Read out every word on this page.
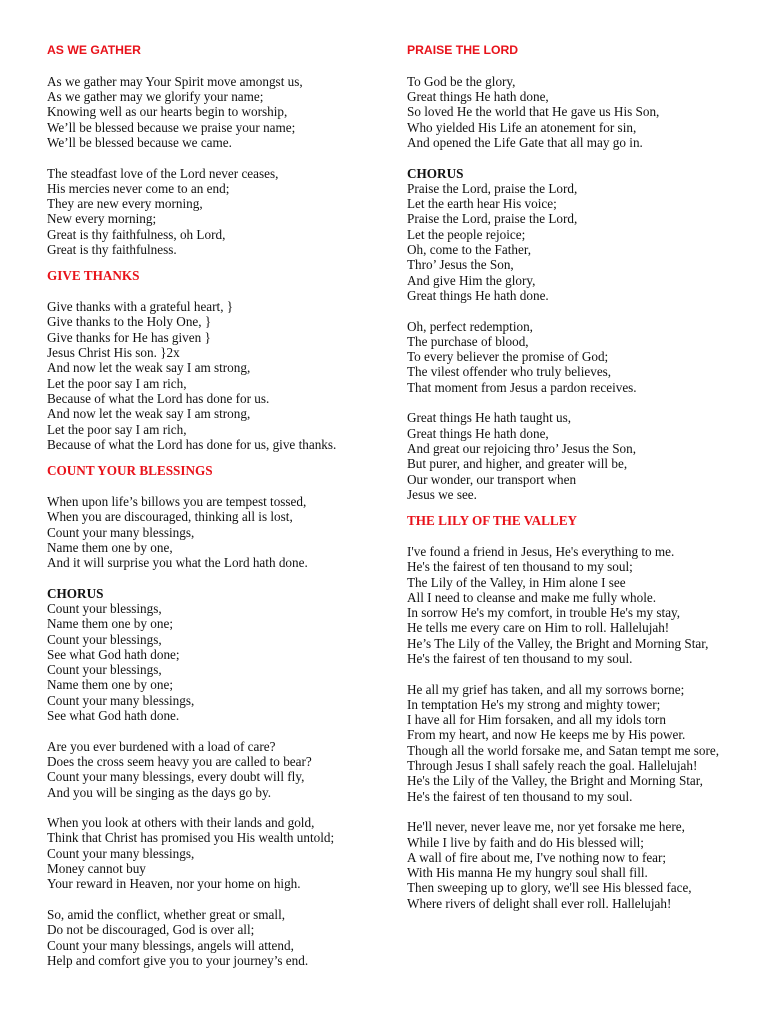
AS WE GATHER
As we gather may Your Spirit move amongst us,
As we gather may we glorify your name;
Knowing well as our hearts begin to worship,
We’ll be blessed because we praise your name;
We’ll be blessed because we came.
The steadfast love of the Lord never ceases,
His mercies never come to an end;
They are new every morning,
New every morning;
Great is thy faithfulness, oh Lord,
Great is thy faithfulness.
GIVE THANKS
Give thanks with a grateful heart, }
Give thanks to the Holy One, }
Give thanks for He has given }
Jesus Christ His son. }2x
And now let the weak say I am strong,
Let the poor say I am rich,
Because of what the Lord has done for us.
And now let the weak say I am strong,
Let the poor say I am rich,
Because of what the Lord has done for us, give thanks.
COUNT YOUR BLESSINGS
When upon life’s billows you are tempest tossed,
When you are discouraged, thinking all is lost,
Count your many blessings,
Name them one by one,
And it will surprise you what the Lord hath done.
CHORUS
Count your blessings,
Name them one by one;
Count your blessings,
See what God hath done;
Count your blessings,
Name them one by one;
Count your many blessings,
See what God hath done.
Are you ever burdened with a load of care?
Does the cross seem heavy you are called to bear?
Count your many blessings, every doubt will fly,
And you will be singing as the days go by.
When you look at others with their lands and gold,
Think that Christ has promised you His wealth untold;
Count your many blessings,
Money cannot buy
Your reward in Heaven, nor your home on high.
So, amid the conflict, whether great or small,
Do not be discouraged, God is over all;
Count your many blessings, angels will attend,
Help and comfort give you to your journey’s end.
PRAISE THE LORD
To God be the glory,
Great things He hath done,
So loved He the world that He gave us His Son,
Who yielded His Life an atonement for sin,
And opened the Life Gate that all may go in.
CHORUS
Praise the Lord, praise the Lord,
Let the earth hear His voice;
Praise the Lord, praise the Lord,
Let the people rejoice;
Oh, come to the Father,
Thro’ Jesus the Son,
And give Him the glory,
Great things He hath done.
Oh, perfect redemption,
The purchase of blood,
To every believer the promise of God;
The vilest offender who truly believes,
That moment from Jesus a pardon receives.
Great things He hath taught us,
Great things He hath done,
And great our rejoicing thro’ Jesus the Son,
But purer, and higher, and greater will be,
Our wonder, our transport when
Jesus we see.
THE LILY OF THE VALLEY
I've found a friend in Jesus, He's everything to me.
He's the fairest of ten thousand to my soul;
The Lily of the Valley, in Him alone I see
All I need to cleanse and make me fully whole.
In sorrow He's my comfort, in trouble He's my stay,
He tells me every care on Him to roll. Hallelujah!
He’s The Lily of the Valley, the Bright and Morning Star,
He's the fairest of ten thousand to my soul.
He all my grief has taken, and all my sorrows borne;
In temptation He's my strong and mighty tower;
I have all for Him forsaken, and all my idols torn
From my heart, and now He keeps me by His power.
Though all the world forsake me, and Satan tempt me sore,
Through Jesus I shall safely reach the goal. Hallelujah!
He's the Lily of the Valley, the Bright and Morning Star,
He's the fairest of ten thousand to my soul.
He'll never, never leave me, nor yet forsake me here,
While I live by faith and do His blessed will;
A wall of fire about me, I've nothing now to fear;
With His manna He my hungry soul shall fill.
Then sweeping up to glory, we'll see His blessed face,
Where rivers of delight shall ever roll. Hallelujah!
